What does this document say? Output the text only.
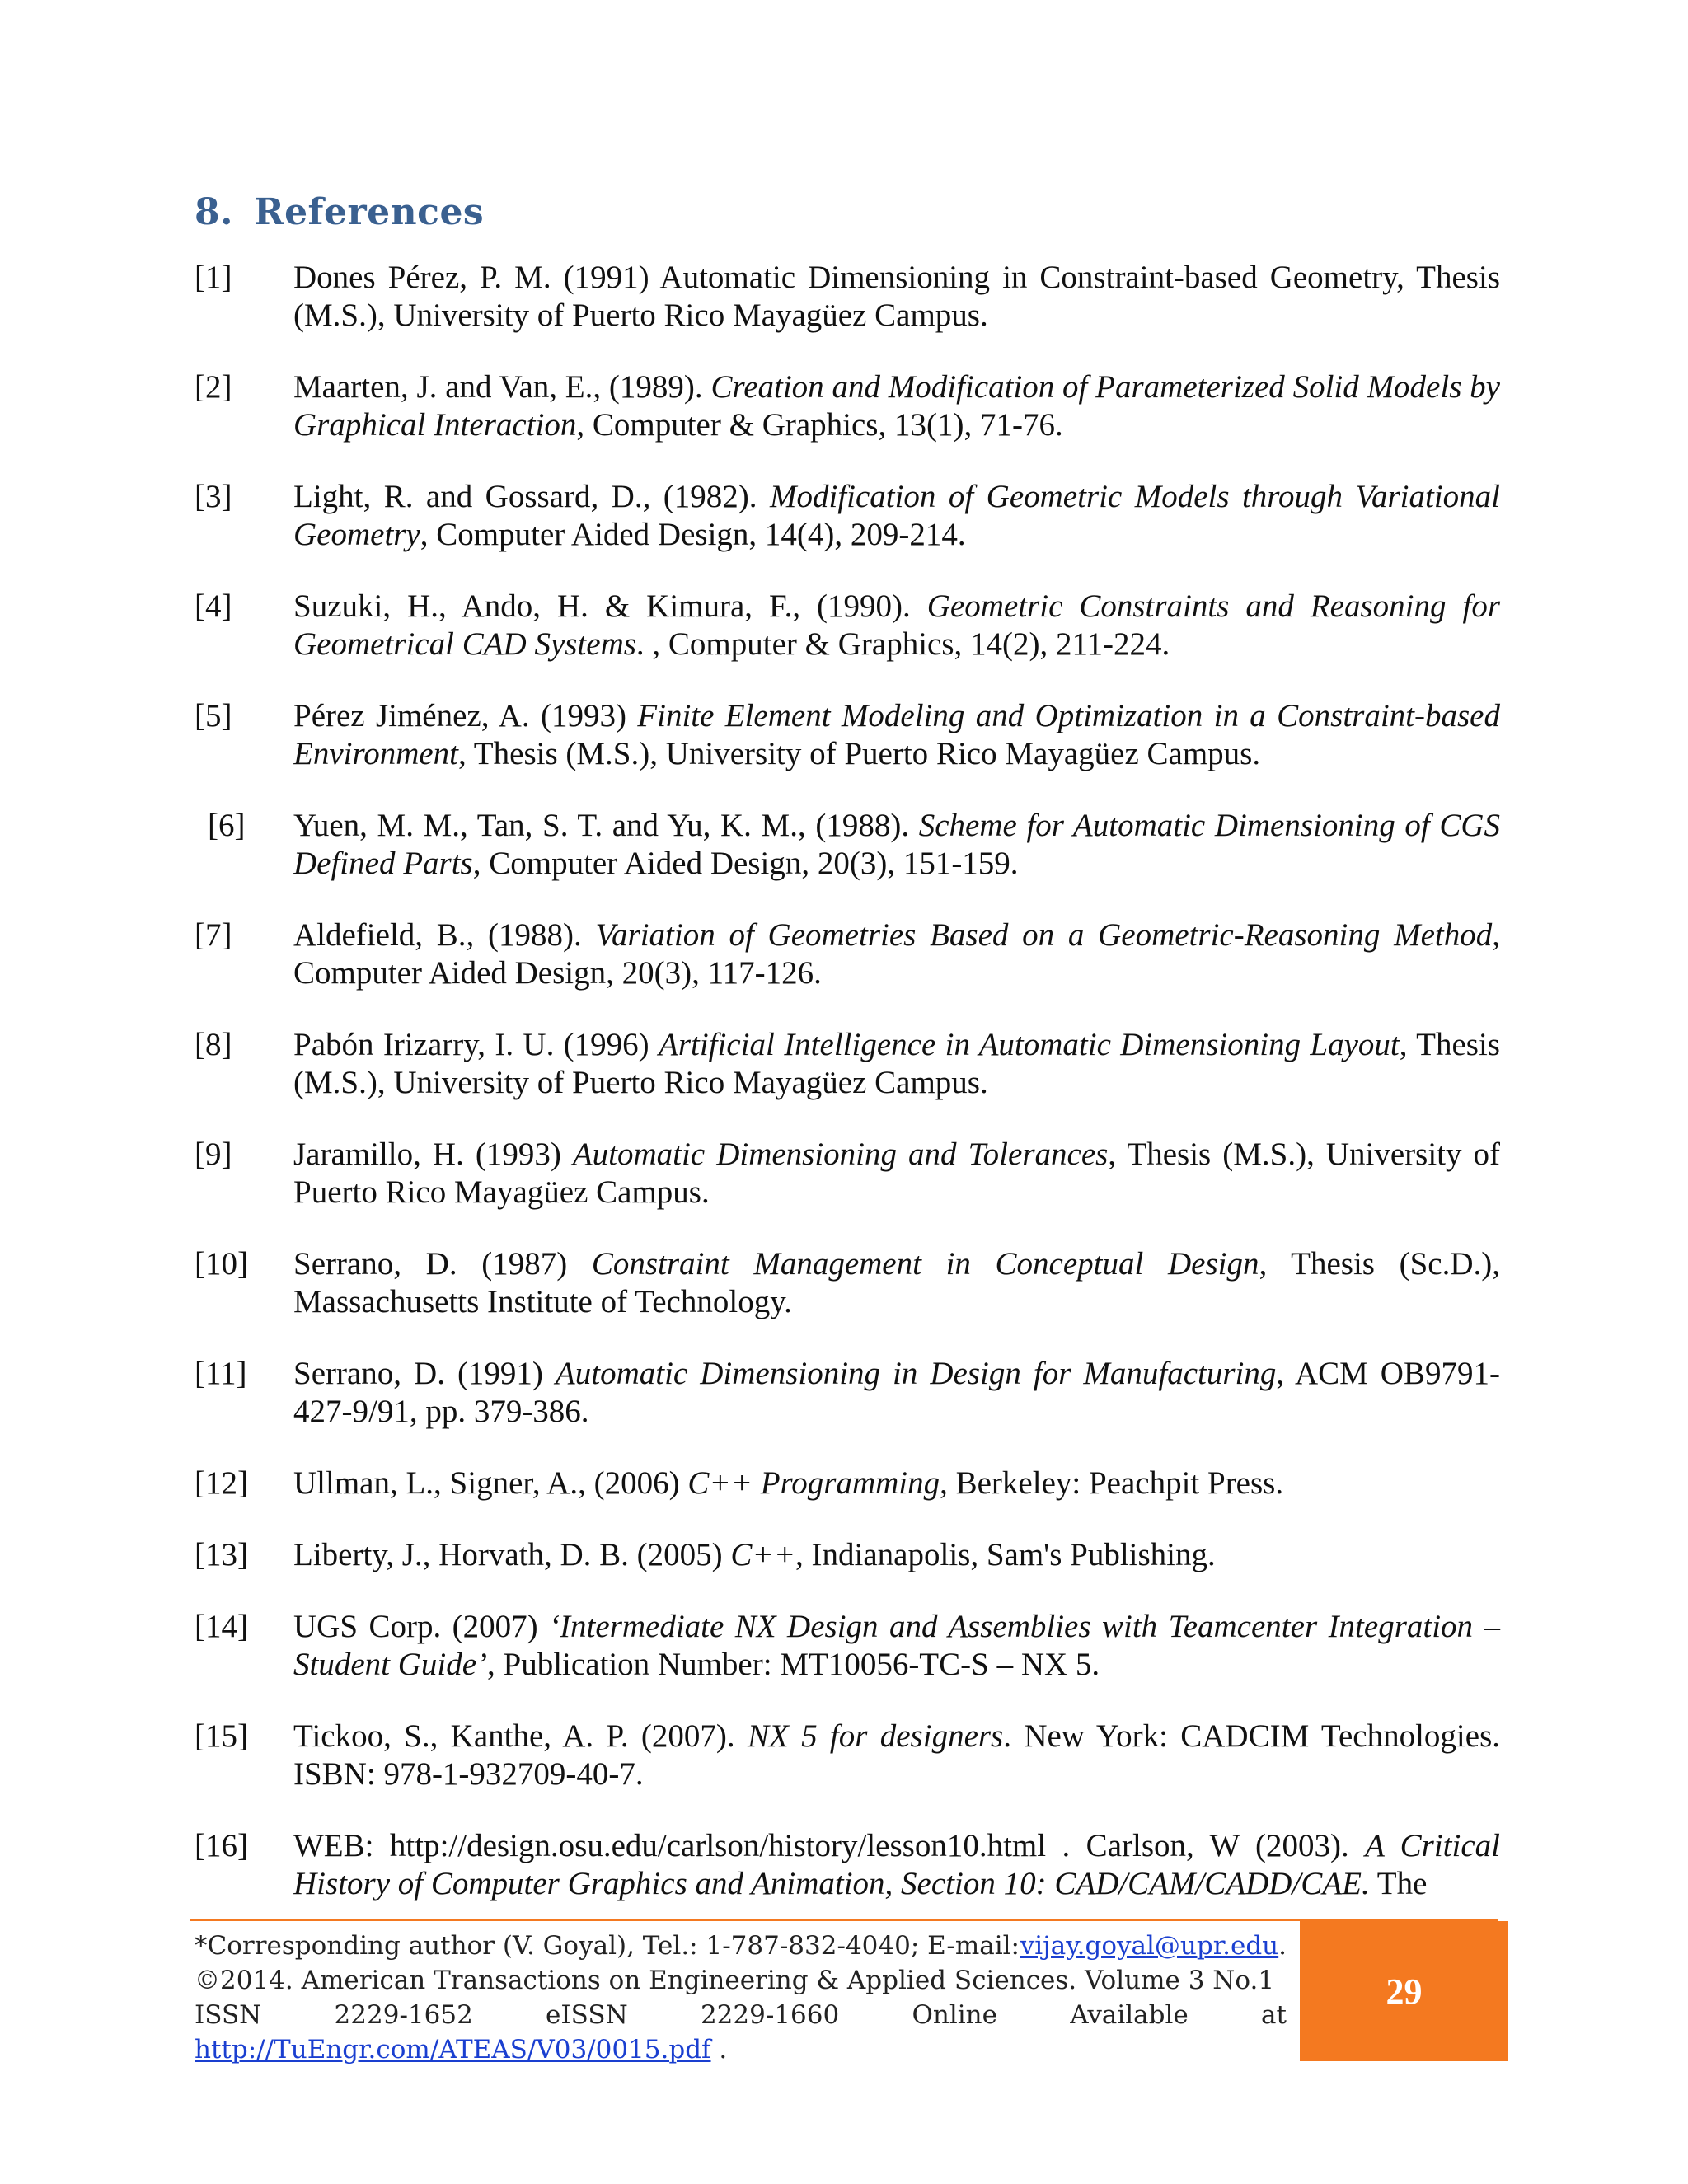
8. References
[1]	Dones Pérez, P. M. (1991) Automatic Dimensioning in Constraint-based Geometry, Thesis (M.S.), University of Puerto Rico Mayagüez Campus.
[2]	Maarten, J. and Van, E., (1989). Creation and Modification of Parameterized Solid Models by Graphical Interaction, Computer & Graphics, 13(1), 71-76.
[3]	Light, R. and Gossard, D., (1982). Modification of Geometric Models through Variational Geometry, Computer Aided Design, 14(4), 209-214.
[4]	Suzuki, H., Ando, H. & Kimura, F., (1990). Geometric Constraints and Reasoning for Geometrical CAD Systems. , Computer & Graphics, 14(2), 211-224.
[5]	Pérez Jiménez, A. (1993) Finite Element Modeling and Optimization in a Constraint-based Environment, Thesis (M.S.), University of Puerto Rico Mayagüez Campus.
[6]	Yuen, M. M., Tan, S. T. and Yu, K. M., (1988). Scheme for Automatic Dimensioning of CGS Defined Parts, Computer Aided Design, 20(3), 151-159.
[7]	Aldefield, B., (1988). Variation of Geometries Based on a Geometric-Reasoning Method, Computer Aided Design, 20(3), 117-126.
[8]	Pabón Irizarry, I. U. (1996) Artificial Intelligence in Automatic Dimensioning Layout, Thesis (M.S.), University of Puerto Rico Mayagüez Campus.
[9]	Jaramillo, H. (1993) Automatic Dimensioning and Tolerances, Thesis (M.S.), University of Puerto Rico Mayagüez Campus.
[10]	Serrano, D. (1987) Constraint Management in Conceptual Design, Thesis (Sc.D.), Massachusetts Institute of Technology.
[11]	Serrano, D. (1991) Automatic Dimensioning in Design for Manufacturing, ACM OB9791-427-9/91, pp. 379-386.
[12]	Ullman, L., Signer, A., (2006) C++ Programming, Berkeley: Peachpit Press.
[13]	Liberty, J., Horvath, D. B. (2005) C++, Indianapolis, Sam's Publishing.
[14]	UGS Corp. (2007) ‘Intermediate NX Design and Assemblies with Teamcenter Integration – Student Guide’, Publication Number: MT10056-TC-S – NX 5.
[15]	Tickoo, S., Kanthe, A. P. (2007). NX 5 for designers. New York: CADCIM Technologies. ISBN: 978-1-932709-40-7.
[16]	WEB: http://design.osu.edu/carlson/history/lesson10.html . Carlson, W (2003). A Critical History of Computer Graphics and Animation, Section 10: CAD/CAM/CADD/CAE. The
*Corresponding author (V. Goyal), Tel.: 1-787-832-4040; E-mail: vijay.goyal@upr.edu.
©2014. American Transactions on Engineering & Applied Sciences. Volume 3 No.1
ISSN	2229-1652	eISSN	2229-1660	Online	Available	at
http://TuEngr.com/ATEAS/V03/0015.pdf .
29
